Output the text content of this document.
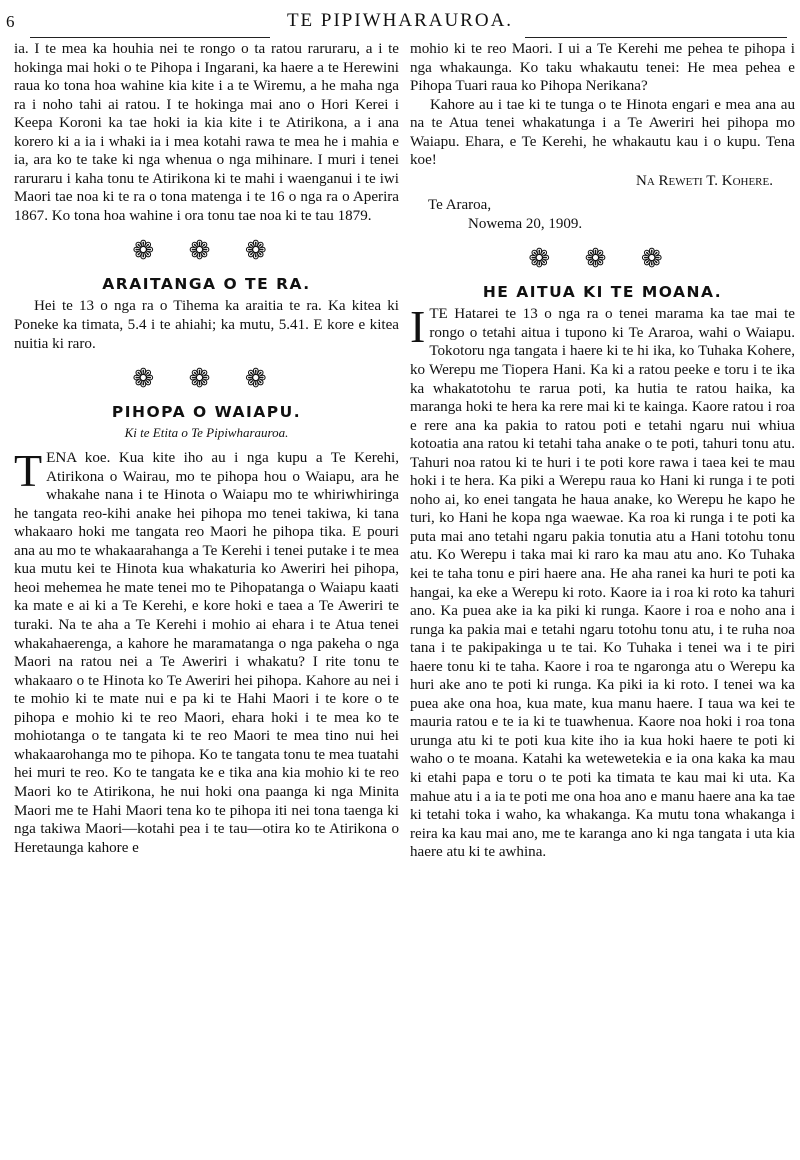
6	TE PIPIWHARAUROA.

ia. I te mea ka houhia nei te rongo o ta ratou raruraru, a i te hokinga mai hoki o te Pihopa i Ingarani, ka haere a te Herewini raua ko tona hoa wahine kia kite i a te Wiremu, a he maha nga ra i noho tahi ai ratou. I te hokinga mai ano o Hori Kerei i Keepa Koroni ka tae hoki ia kia kite i te Atirikona, a i ana korero ki a ia i whaki ia i mea kotahi rawa te mea he i mahia e ia, ara ko te take ki nga whenua o nga mihinare. I muri i tenei raruraru i kaha tonu te Atirikona ki te mahi i waenganui i te iwi Maori tae noa ki te ra o tona matenga i te 16 o nga ra o Aperira 1867. Ko tona hoa wahine i ora tonu tae noa ki te tau 1879.

❁ ❁ ❁
ARAITANGA O TE RA.

Hei te 13 o nga ra o Tihema ka araitia te ra. Ka kitea ki Poneke ka timata, 5.4 i te ahiahi; ka mutu, 5.41. E kore e kitea nuitia ki raro.

❁ ❁ ❁
PIHOPA O WAIAPU.
Ki te Etita o Te Pipiwharauroa.

TENA koe. Kua kite iho au i nga kupu a Te Kerehi, Atirikona o Wairau, mo te pihopa hou o Waiapu, ara he whakahe nana i te Hinota o Waiapu mo te whiriwhiringa he tangata reo-kihi anake hei pihopa mo tenei takiwa, ki tana whakaaro hoki me tangata reo Maori he pihopa tika. E pouri ana au mo te whakaarahanga a Te Kerehi i tenei putake i te mea kua mutu kei te Hinota kua whakaturia ko Aweriri hei pihopa, heoi mehemea he mate tenei mo te Pihopatanga o Waiapu kaati ka mate e ai ki a Te Kerehi, e kore hoki e taea a Te Aweriri te turaki. Na te aha a Te Kerehi i mohio ai ehara i te Atua tenei whakahaerenga, a kahore he maramatanga o nga pakeha o nga Maori na ratou nei a Te Aweriri i whakatu? I rite tonu te whakaaro o te Hinota ko Te Aweriri hei pihopa. Kahore au nei i te mohio ki te mate nui e pa ki te Hahi Maori i te kore o te pihopa e mohio ki te reo Maori, ehara hoki i te mea ko te mohiotanga o te tangata ki te reo Maori te mea tino nui hei whakaarohanga mo te pihopa. Ko te tangata tonu te mea tuatahi hei muri te reo. Ko te tangata ke e tika ana kia mohio ki te reo Maori ko te Atirikona, he nui hoki ona paanga ki nga Minita Maori me te Hahi Maori tena ko te pihopa iti nei tona taenga ki nga takiwa Maori—kotahi pea i te tau—otira ko te Atirikona o Heretaunga kahore e

mohio ki te reo Maori. I ui a Te Kerehi me pehea te pihopa i nga whakaunga. Ko taku whakautu tenei: He mea pehea e Pihopa Tuari raua ko Pihopa Nerikana?

Kahore au i tae ki te tunga o te Hinota engari e mea ana au na te Atua tenei whakatunga i a Te Aweriri hei pihopa mo Waiapu. Ehara, e Te Kerehi, he whakautu kau i o kupu. Tena koe!

Na Reweti T. Kohere.
Te Araroa,
Nowema 20, 1909.
❁ ❁ ❁
HE AITUA KI TE MOANA.

ITE Hatarei te 13 o nga ra o tenei marama ka tae mai te rongo o tetahi aitua i tupono ki Te Araroa, wahi o Waiapu. Tokotoru nga tangata i haere ki te hi ika, ko Tuhaka Kohere, ko Werepu me Tiopera Hani. Ka ki a ratou peeke e toru i te ika ka whakatotohu te rarua poti, ka hutia te ratou haika, ka maranga hoki te hera ka rere mai ki te kainga. Kaore ratou i roa e rere ana ka pakia to ratou poti e tetahi ngaru nui whiua kotoatia ana ratou ki tetahi taha anake o te poti, tahuri tonu atu. Tahuri noa ratou ki te huri i te poti kore rawa i taea kei te mau hoki i te hera. Ka piki a Werepu raua ko Hani ki runga i te poti noho ai, ko enei tangata he haua anake, ko Werepu he kapo he turi, ko Hani he kopa nga waewae. Ka roa ki runga i te poti ka puta mai ano tetahi ngaru pakia tonutia atu a Hani totohu tonu atu. Ko Werepu i taka mai ki raro ka mau atu ano. Ko Tuhaka kei te taha tonu e piri haere ana. He aha ranei ka huri te poti ka hangai, ka eke a Werepu ki roto. Kaore ia i roa ki roto ka tahuri ano. Ka puea ake ia ka piki ki runga. Kaore i roa e noho ana i runga ka pakia mai e tetahi ngaru totohu tonu atu, i te ruha noa tana i te pakipakinga u te tai. Ko Tuhaka i tenei wa i te piri haere tonu ki te taha. Kaore i roa te ngaronga atu o Werepu ka huri ake ano te poti ki runga. Ka piki ia ki roto. I tenei wa ka puea ake ona hoa, kua mate, kua manu haere. I taua wa kei te mauria ratou e te ia ki te tuawhenua. Kaore noa hoki i roa tona urunga atu ki te poti kua kite iho ia kua hoki haere te poti ki waho o te moana. Katahi ka wetewetekia e ia ona kaka ka mau ki etahi papa e toru o te poti ka timata te kau mai ki uta. Ka mahue atu i a ia te poti me ona hoa ano e manu haere ana ka tae ki tetahi toka i waho, ka whakanga. Ka mutu tona whakanga i reira ka kau mai ano, me te karanga ano ki nga tangata i uta kia haere atu ki te awhina.
